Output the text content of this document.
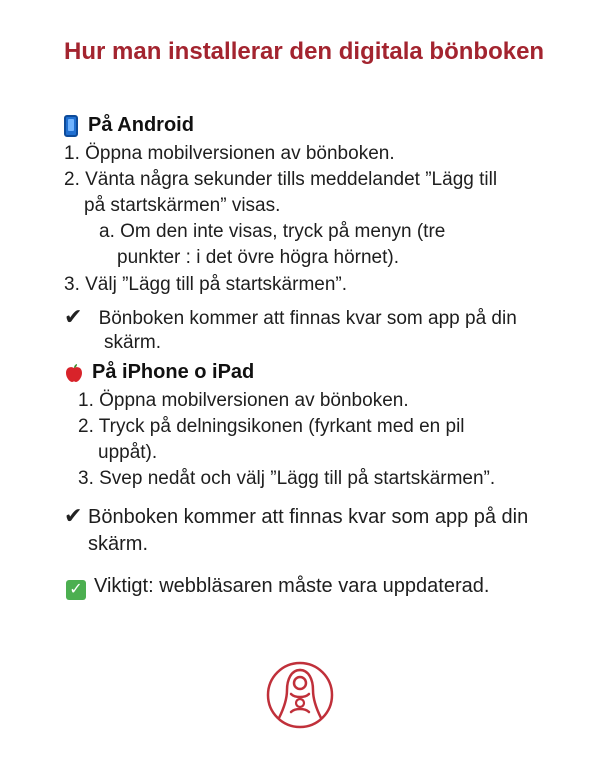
Hur man installerar den digitala bönboken
På Android
1. Öppna mobilversionen av bönboken.
2. Vänta några sekunder tills meddelandet ”Lägg till
på startskärmen” visas.
a. Om den inte visas, tryck på menyn (tre
punkter : i det övre högra hörnet).
3. Välj ”Lägg till på startskärmen”.
✔ Bönboken kommer att finnas kvar som app på din
skärm.
På iPhone o iPad
1. Öppna mobilversionen av bönboken.
2. Tryck på delningsikonen (fyrkant med en pil
uppåt).
3. Svep nedåt och välj ”Lägg till på startskärmen”.
✔ Bönboken kommer att finnas kvar som app på din
skärm.
✓ Viktigt: webbläsaren måste vara uppdaterad.
